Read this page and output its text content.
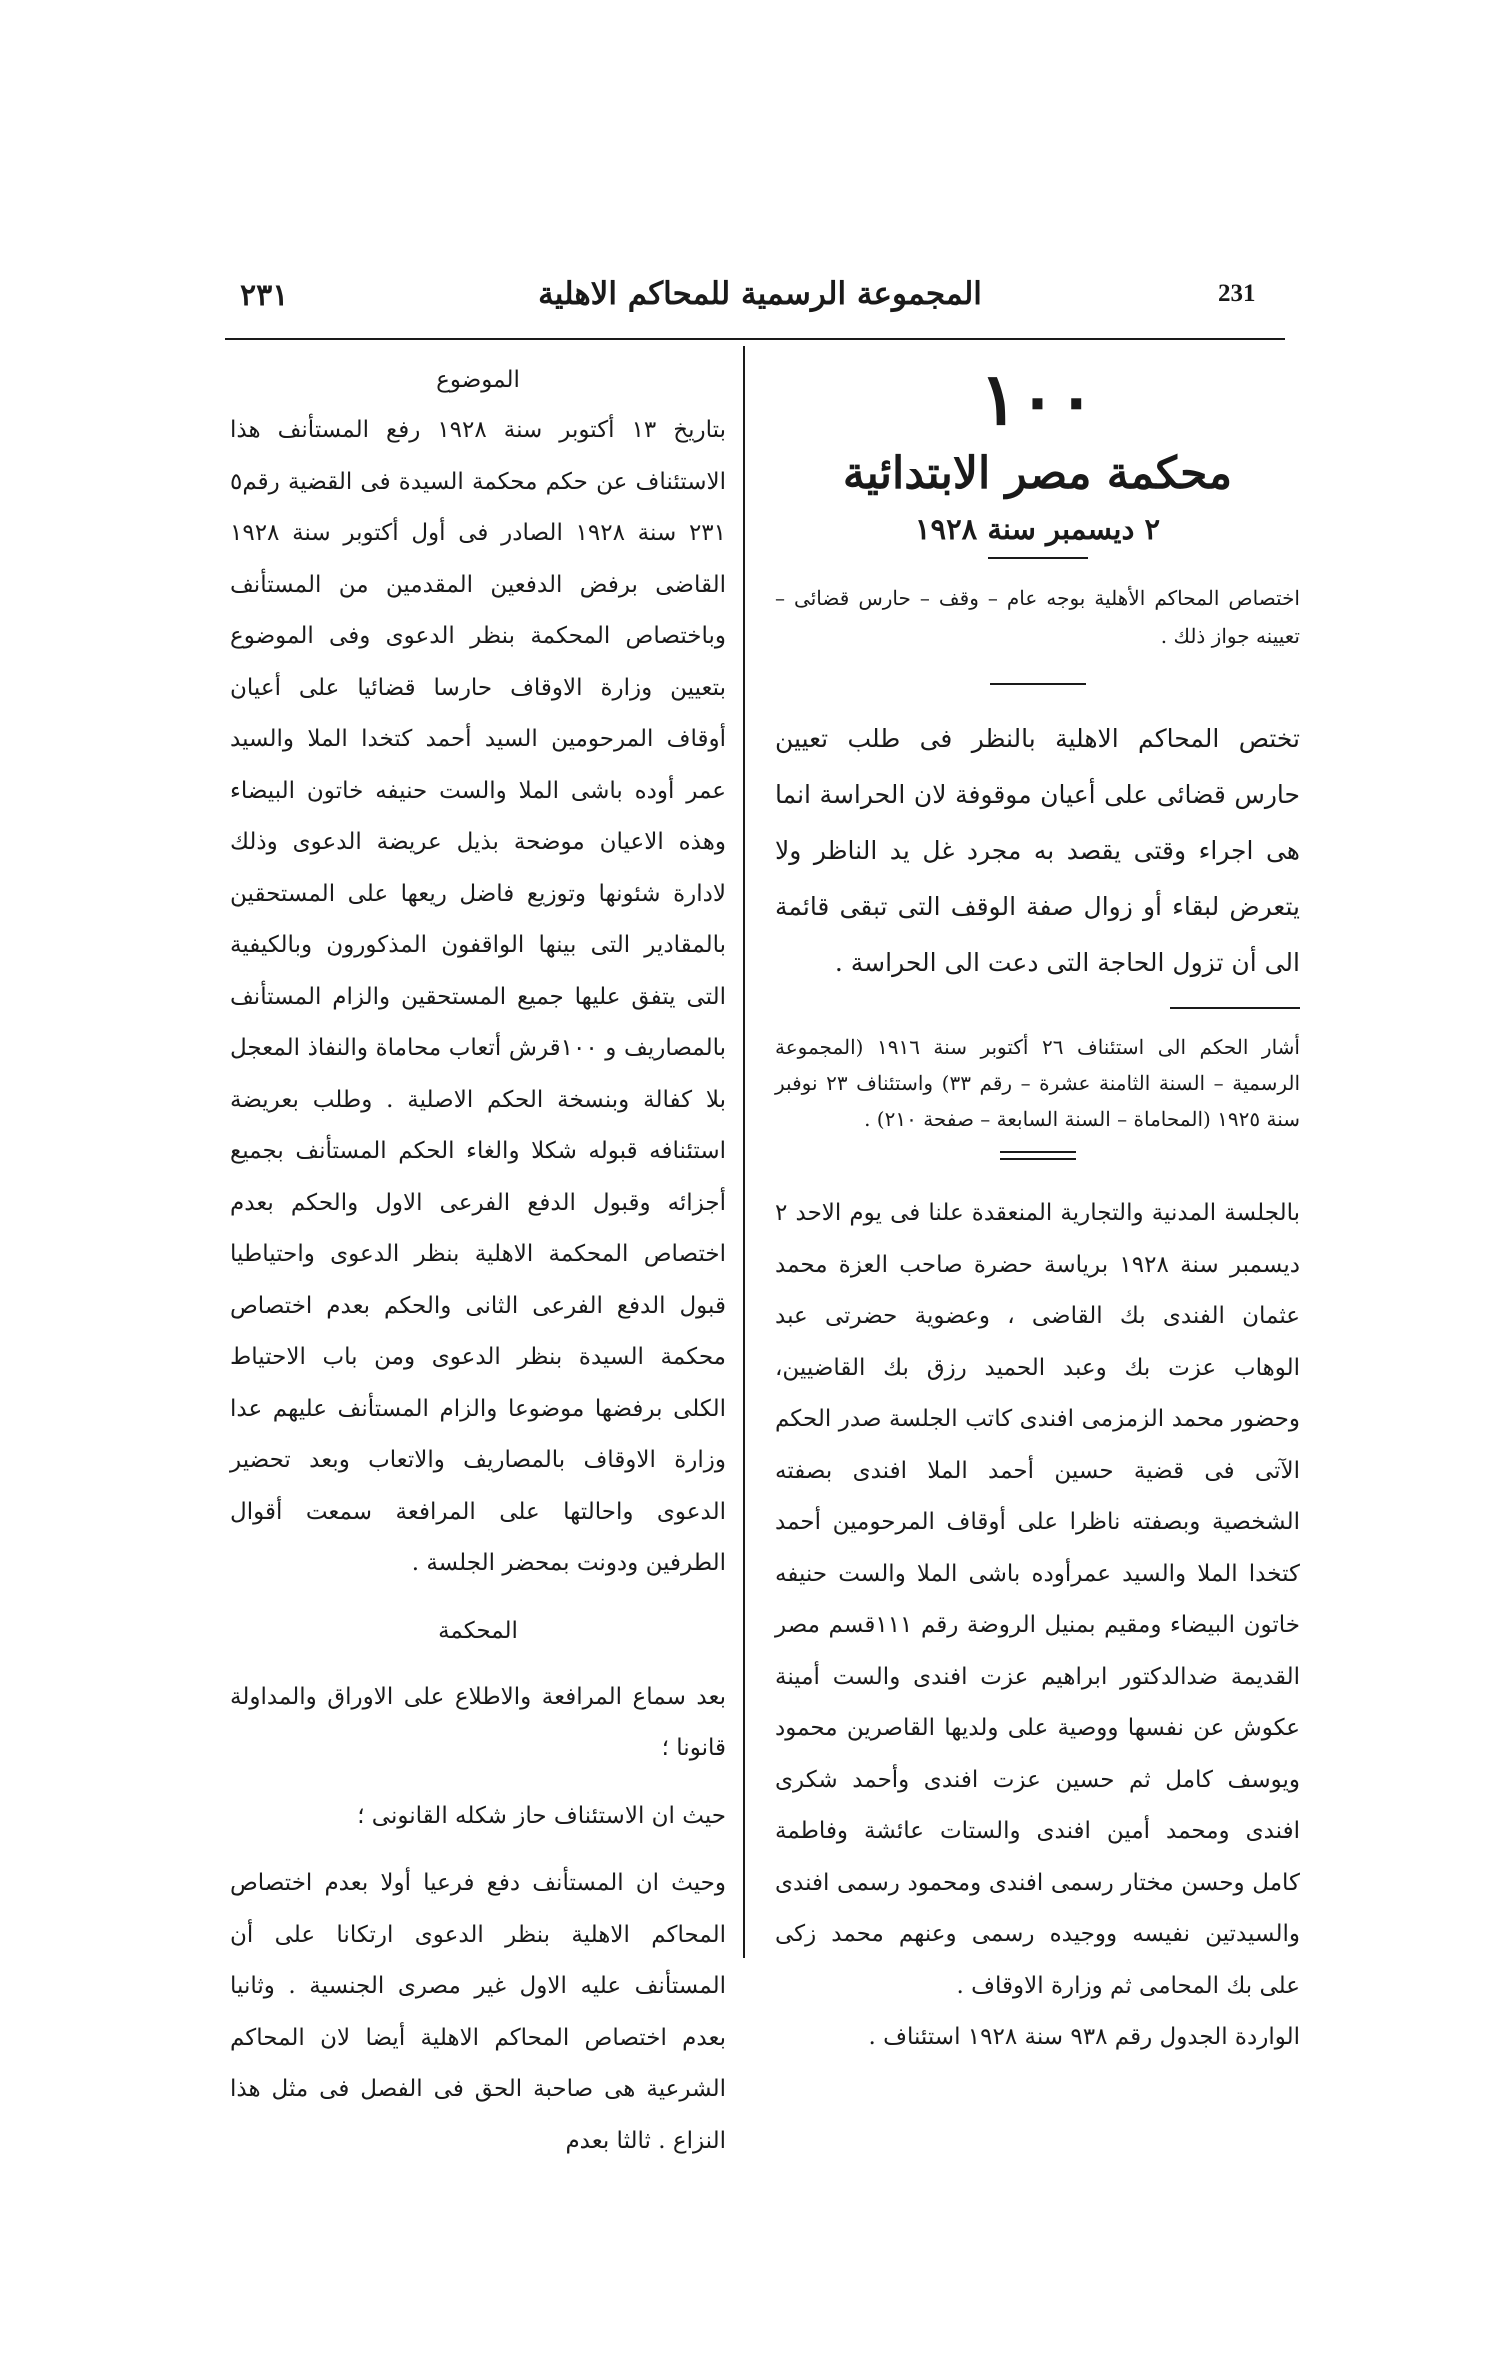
231
المجموعة الرسمية للمحاكم الاهلية
٢٣١

١٠٠

محكمة مصر الابتدائية

٢ ديسمبر سنة ١٩٢٨

اختصاص المحاكم الأهلية بوجه عام – وقف – حارس قضائى – تعيينه جواز ذلك .

تختص المحاكم الاهلية بالنظر فى طلب تعيين حارس قضائى على أعيان موقوفة لان الحراسة انما هى اجراء وقتى يقصد به مجرد غل يد الناظر ولا يتعرض لبقاء أو زوال صفة الوقف التى تبقى قائمة الى أن تزول الحاجة التى دعت الى الحراسة .

أشار الحكم الى استئناف ٢٦ أكتوبر سنة ١٩١٦ (المجموعة الرسمية – السنة الثامنة عشرة – رقم ٣٣) واستئناف ٢٣ نوفبر سنة ١٩٢٥ (المحاماة – السنة السابعة – صفحة ٢١٠) .

بالجلسة المدنية والتجارية المنعقدة علنا فى يوم الاحد ٢ ديسمبر سنة ١٩٢٨ برياسة حضرة صاحب العزة محمد عثمان الفندى بك القاضى ، وعضوية حضرتى عبد الوهاب عزت بك وعبد الحميد رزق بك القاضيين، وحضور محمد الزمزمى افندى كاتب الجلسة صدر الحكم الآتى فى قضية حسين أحمد الملا افندى بصفته الشخصية وبصفته ناظرا على أوقاف المرحومين أحمد كتخدا الملا والسيد عمرأوده باشى الملا والست حنيفه خاتون البيضاء ومقيم بمنيل الروضة رقم ١١١قسم مصر القديمة ضدالدكتور ابراهيم عزت افندى والست أمينة عكوش عن نفسها ووصية على ولديها القاصرين محمود ويوسف كامل ثم حسين عزت افندى وأحمد شكرى افندى ومحمد أمين افندى والستات عائشة وفاطمة كامل وحسن مختار رسمى افندى ومحمود رسمى افندى والسيدتين نفيسه ووجيده رسمى وعنهم محمد زكى على بك المحامى ثم وزارة الاوقاف .

الواردة الجدول رقم ٩٣٨ سنة ١٩٢٨ استئناف .

الموضوع

بتاريخ ١٣ أكتوبر سنة ١٩٢٨ رفع المستأنف هذا الاستئناف عن حكم محكمة السيدة فى القضية رقم٥ ٢٣١ سنة ١٩٢٨ الصادر فى أول أكتوبر سنة ١٩٢٨ القاضى برفض الدفعين المقدمين من المستأنف وباختصاص المحكمة بنظر الدعوى وفى الموضوع بتعيين وزارة الاوقاف حارسا قضائيا على أعيان أوقاف المرحومين السيد أحمد كتخدا الملا والسيد عمر أوده باشى الملا والست حنيفه خاتون البيضاء وهذه الاعيان موضحة بذيل عريضة الدعوى وذلك لادارة شئونها وتوزيع فاضل ريعها على المستحقين بالمقادير التى بينها الواقفون المذكورون وبالكيفية التى يتفق عليها جميع المستحقين والزام المستأنف بالمصاريف و ١٠٠قرش أتعاب محاماة والنفاذ المعجل بلا كفالة وبنسخة الحكم الاصلية . وطلب بعريضة استئنافه قبوله شكلا والغاء الحكم المستأنف بجميع أجزائه وقبول الدفع الفرعى الاول والحكم بعدم اختصاص المحكمة الاهلية بنظر الدعوى واحتياطيا قبول الدفع الفرعى الثانى والحكم بعدم اختصاص محكمة السيدة بنظر الدعوى ومن باب الاحتياط الكلى برفضها موضوعا والزام المستأنف عليهم عدا وزارة الاوقاف بالمصاريف والاتعاب وبعد تحضير الدعوى واحالتها على المرافعة سمعت أقوال الطرفين ودونت بمحضر الجلسة .

المحكمة

بعد سماع المرافعة والاطلاع على الاوراق والمداولة قانونا ؛

حيث ان الاستئناف حاز شكله القانونى ؛

وحيث ان المستأنف دفع فرعيا أولا بعدم اختصاص المحاكم الاهلية بنظر الدعوى ارتكانا على أن المستأنف عليه الاول غير مصرى الجنسية . وثانيا بعدم اختصاص المحاكم الاهلية أيضا لان المحاكم الشرعية هى صاحبة الحق فى الفصل فى مثل هذا النزاع . ثالثا بعدم
